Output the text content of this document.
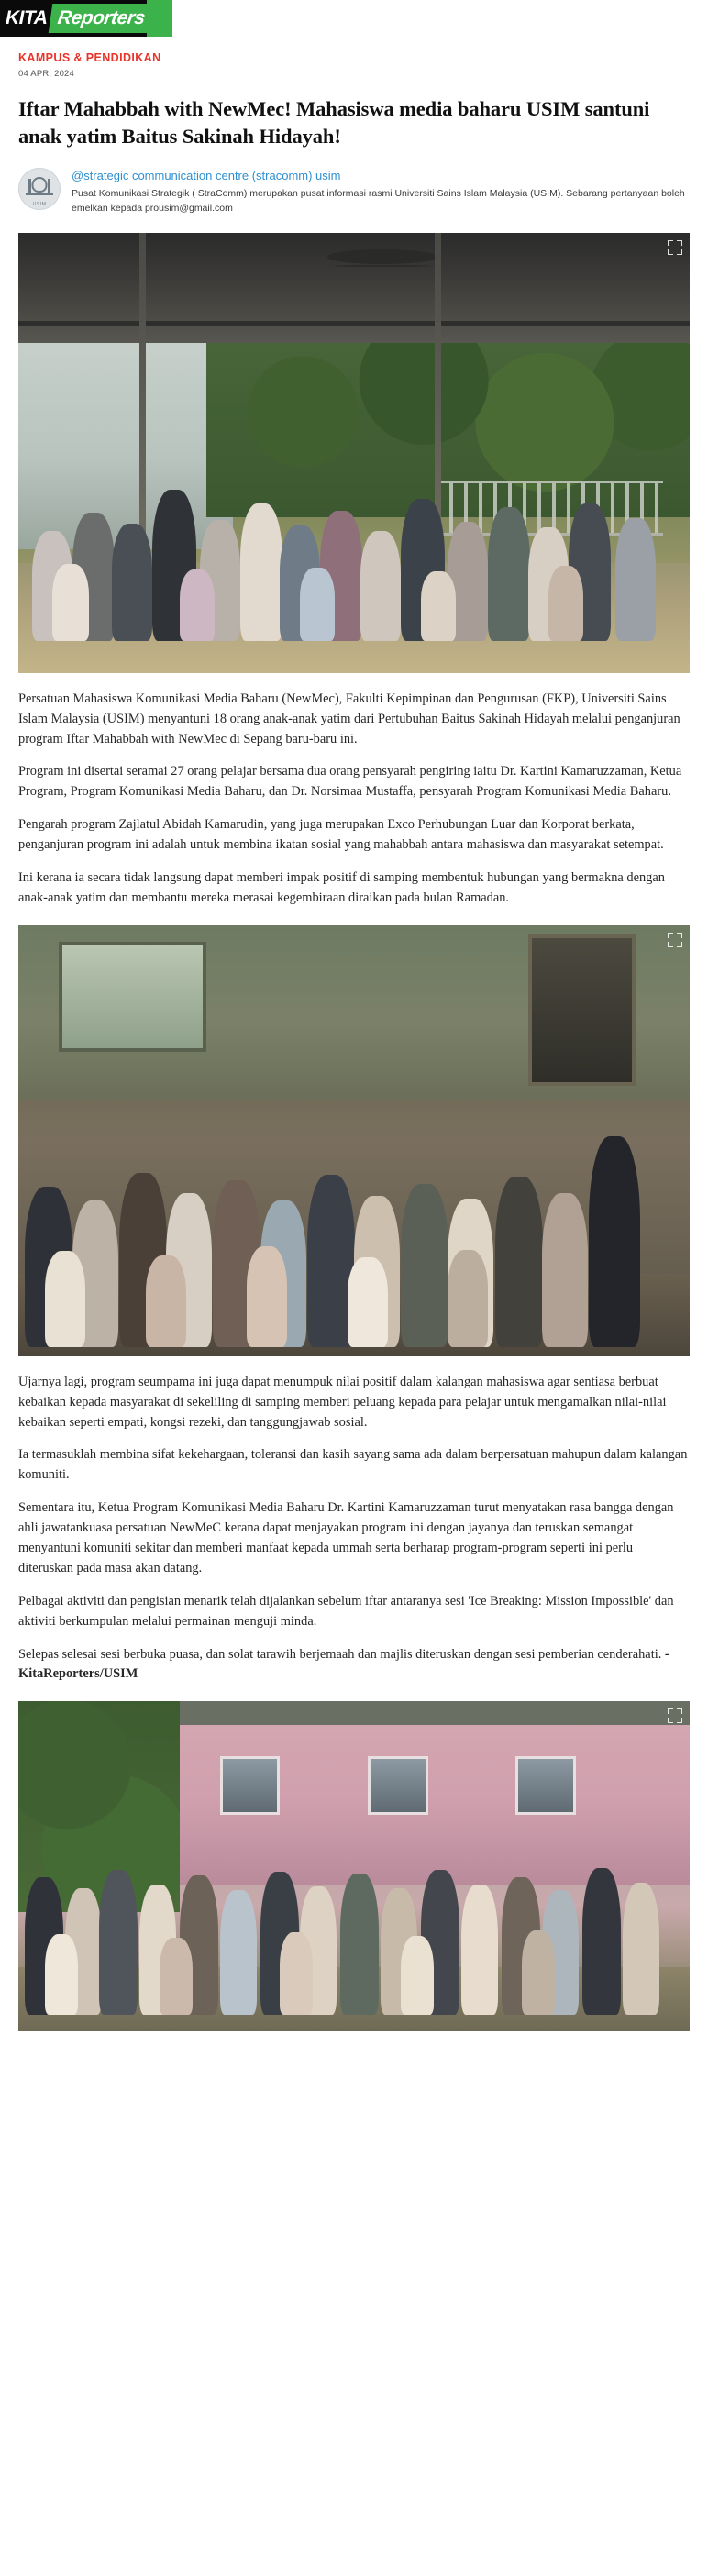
KITA Reporters
KAMPUS & PENDIDIKAN
04 APR, 2024
Iftar Mahabbah with NewMec! Mahasiswa media baharu USIM santuni anak yatim Baitus Sakinah Hidayah!
USIM
@strategic communication centre (stracomm) usim
Pusat Komunikasi Strategik ( StraComm) merupakan pusat informasi rasmi Universiti Sains Islam Malaysia (USIM). Sebarang pertanyaan boleh emelkan kepada prousim@gmail.com

Persatuan Mahasiswa Komunikasi Media Baharu (NewMec), Fakulti Kepimpinan dan Pengurusan (FKP), Universiti Sains Islam Malaysia (USIM) menyantuni 18 orang anak-anak yatim dari Pertubuhan Baitus Sakinah Hidayah melalui penganjuran program Iftar Mahabbah with NewMec di Sepang baru-baru ini.

Program ini disertai seramai 27 orang pelajar bersama dua orang pensyarah pengiring iaitu Dr. Kartini Kamaruzzaman, Ketua Program, Program Komunikasi Media Baharu, dan Dr. Norsimaa Mustaffa, pensyarah Program Komunikasi Media Baharu.

Pengarah program Zajlatul Abidah Kamarudin, yang juga merupakan Exco Perhubungan Luar dan Korporat berkata, penganjuran program ini adalah untuk membina ikatan sosial yang mahabbah antara mahasiswa dan masyarakat setempat.

Ini kerana ia secara tidak langsung dapat memberi impak positif di samping membentuk hubungan yang bermakna dengan anak-anak yatim dan membantu mereka merasai kegembiraan diraikan pada bulan Ramadan.

Ujarnya lagi, program seumpama ini juga dapat menumpuk nilai positif dalam kalangan mahasiswa agar sentiasa berbuat kebaikan kepada masyarakat di sekeliling di samping memberi peluang kepada para pelajar untuk mengamalkan nilai-nilai kebaikan seperti empati, kongsi rezeki, dan tanggungjawab sosial.

Ia termasuklah membina sifat kekehargaan, toleransi dan kasih sayang sama ada dalam berpersatuan mahupun dalam kalangan komuniti.

Sementara itu, Ketua Program Komunikasi Media Baharu Dr. Kartini Kamaruzzaman turut menyatakan rasa bangga dengan ahli jawatankuasa persatuan NewMeC kerana dapat menjayakan program ini dengan jayanya dan teruskan semangat menyantuni komuniti sekitar dan memberi manfaat kepada ummah serta berharap program-program seperti ini perlu diteruskan pada masa akan datang.

Pelbagai aktiviti dan pengisian menarik telah dijalankan sebelum iftar antaranya sesi 'Ice Breaking: Mission Impossible' dan aktiviti berkumpulan melalui permainan menguji minda.

Selepas selesai sesi berbuka puasa, dan solat tarawih berjemaah dan majlis diteruskan dengan sesi pemberian cenderahati. - KitaReporters/USIM
